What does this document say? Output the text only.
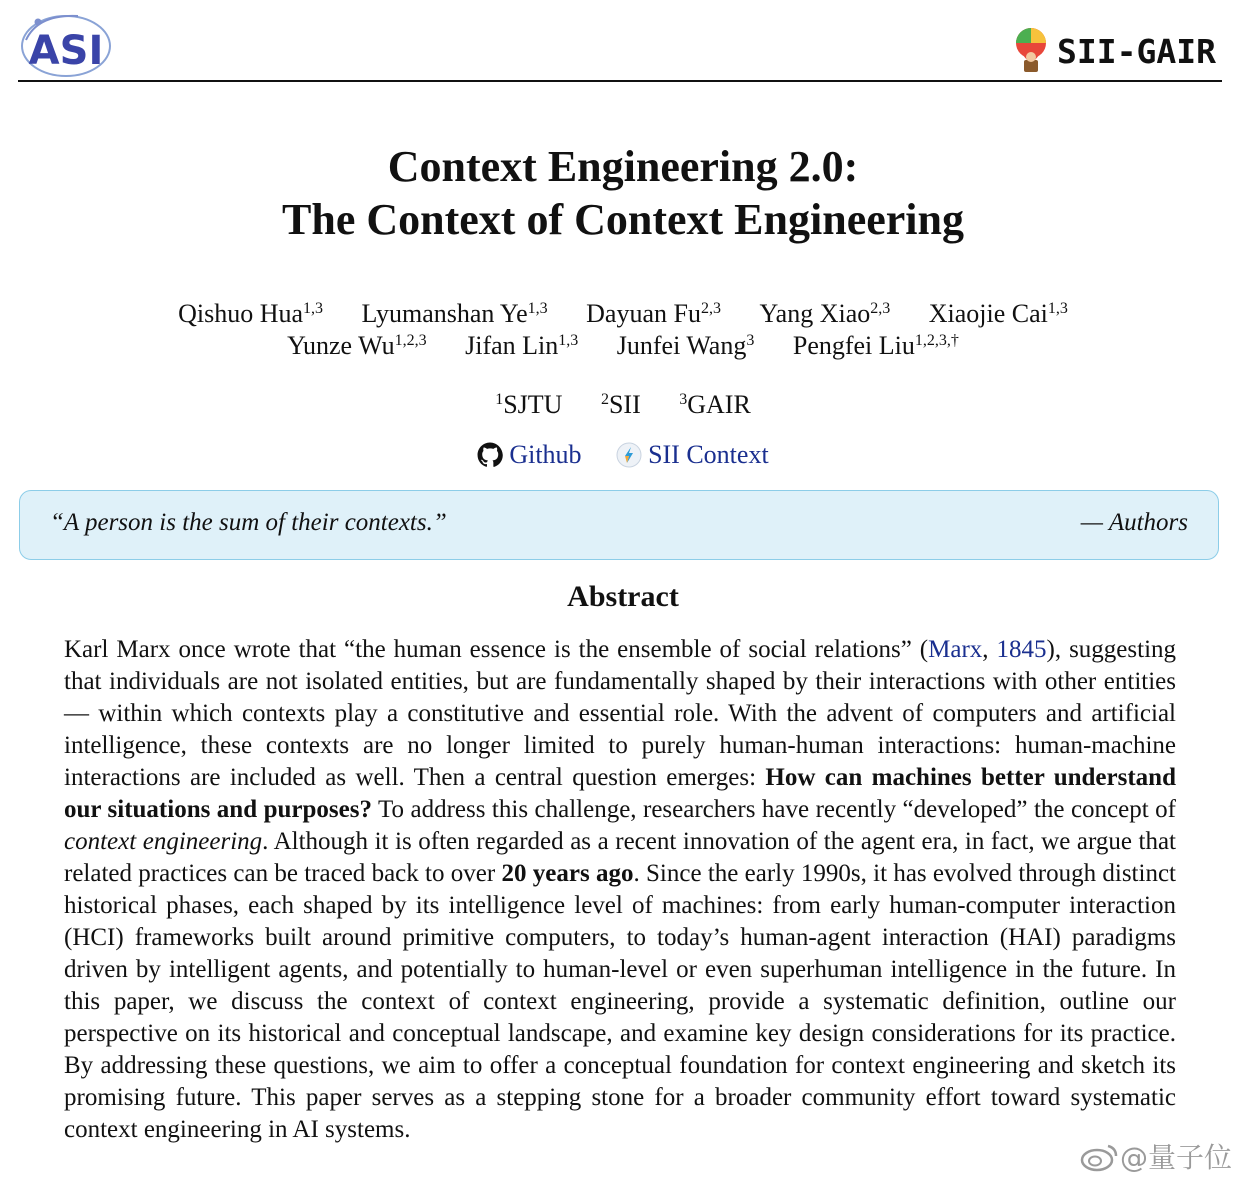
ASI	SII-GAIR
Context Engineering 2.0:
The Context of Context Engineering
Qishuo Hua$^{1,3}$ Lyumanshan Ye$^{1,3}$ Dayuan Fu$^{2,3}$ Yang Xiao$^{2,3}$ Xiaojie Cai$^{1,3}$
Yunze Wu$^{1,2,3}$ Jifan Lin$^{1,3}$ Junfei Wang$^3$ Pengfei Liu$^{1,2,3,\dagger}$
$^1$SJTU $^2$SII $^3$GAIR
Github
	SII Context
“A person is the sum of their contexts.”	— Authors
Abstract
Karl Marx once wrote that “the human essence is the ensemble of social relations” (Marx, 1845), suggesting that individuals are not isolated entities, but are fundamentally shaped by their interactions with other entities — within which contexts play a constitutive and essential role. With the advent of computers and artificial intelligence, these contexts are no longer limited to purely human-human interactions: human-machine interactions are included as well. Then a central question emerges: How can machines better understand our situations and purposes? To address this challenge, researchers have recently “developed” the concept of context engineering. Although it is often regarded as a recent innovation of the agent era, in fact, we argue that related practices can be traced back to over 20 years ago. Since the early 1990s, it has evolved through distinct historical phases, each shaped by its intelligence level of machines: from early human-computer interaction (HCI) frameworks built around primitive computers, to today’s human-agent interaction (HAI) paradigms driven by intelligent agents, and potentially to human-level or even superhuman intelligence in the future. In this paper, we discuss the context of context engineering, provide a systematic definition, outline our perspective on its historical and conceptual landscape, and examine key design considerations for its practice. By addressing these questions, we aim to offer a conceptual foundation for context engineering and sketch its promising future. This paper serves as a stepping stone for a broader community effort toward systematic context engineering in AI systems.
@量子位
